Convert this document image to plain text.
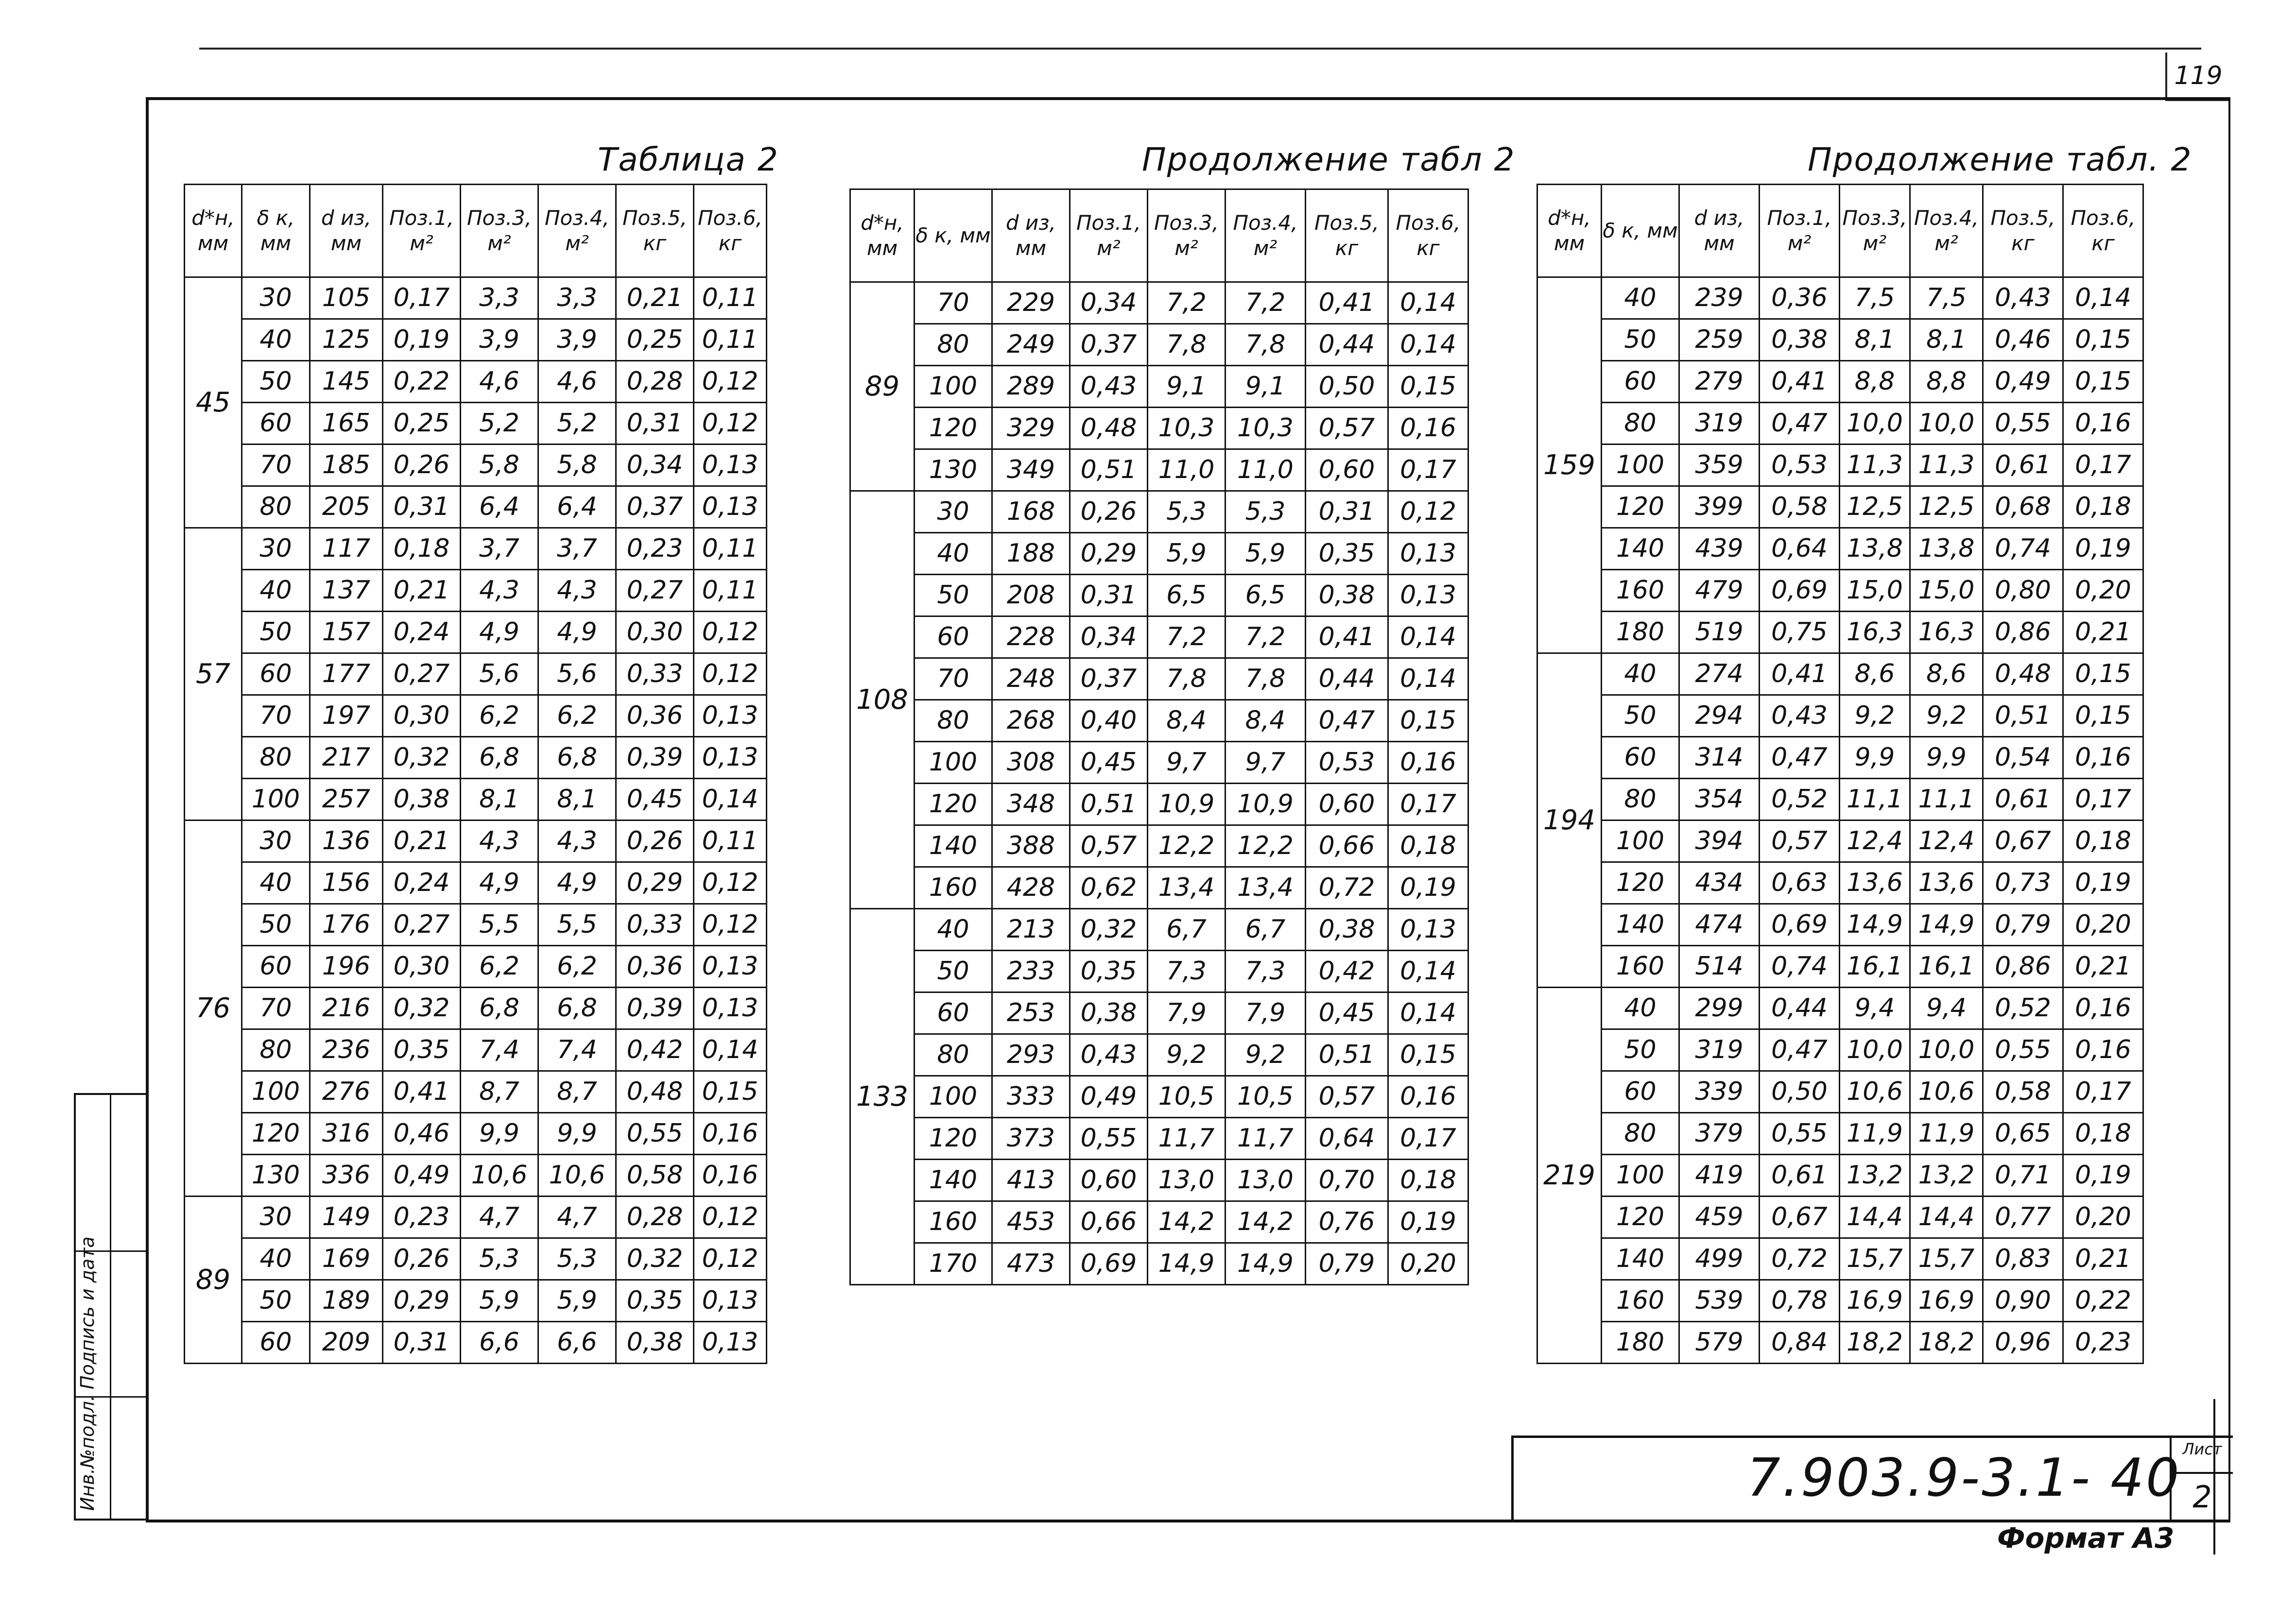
119
Инв.№подл.
Подпись и дата
Таблица 2	Продолжение табл 2	Продолжение табл. 2
d*н, мм	δ к, мм	d из, мм	Поз.1, м²	Поз.3, м²	Поз.4, м²	Поз.5, кг	Поз.6, кг
45	30	105	0,17	3,3	3,3	0,21	0,11
	40	125	0,19	3,9	3,9	0,25	0,11
	50	145	0,22	4,6	4,6	0,28	0,12
	60	165	0,25	5,2	5,2	0,31	0,12
	70	185	0,26	5,8	5,8	0,34	0,13
	80	205	0,31	6,4	6,4	0,37	0,13
57	30	117	0,18	3,7	3,7	0,23	0,11
	40	137	0,21	4,3	4,3	0,27	0,11
	50	157	0,24	4,9	4,9	0,30	0,12
	60	177	0,27	5,6	5,6	0,33	0,12
	70	197	0,30	6,2	6,2	0,36	0,13
	80	217	0,32	6,8	6,8	0,39	0,13
	100	257	0,38	8,1	8,1	0,45	0,14
76	30	136	0,21	4,3	4,3	0,26	0,11
	40	156	0,24	4,9	4,9	0,29	0,12
	50	176	0,27	5,5	5,5	0,33	0,12
	60	196	0,30	6,2	6,2	0,36	0,13
	70	216	0,32	6,8	6,8	0,39	0,13
	80	236	0,35	7,4	7,4	0,42	0,14
	100	276	0,41	8,7	8,7	0,48	0,15
	120	316	0,46	9,9	9,9	0,55	0,16
	130	336	0,49	10,6	10,6	0,58	0,16
89	30	149	0,23	4,7	4,7	0,28	0,12
	40	169	0,26	5,3	5,3	0,32	0,12
	50	189	0,29	5,9	5,9	0,35	0,13
	60	209	0,31	6,6	6,6	0,38	0,13
d*н, мм	δ к, мм	d из, мм	Поз.1, м²	Поз.3, м²	Поз.4, м²	Поз.5, кг	Поз.6, кг
89	70	229	0,34	7,2	7,2	0,41	0,14
	80	249	0,37	7,8	7,8	0,44	0,14
	100	289	0,43	9,1	9,1	0,50	0,15
	120	329	0,48	10,3	10,3	0,57	0,16
	130	349	0,51	11,0	11,0	0,60	0,17
108	30	168	0,26	5,3	5,3	0,31	0,12
	40	188	0,29	5,9	5,9	0,35	0,13
	50	208	0,31	6,5	6,5	0,38	0,13
	60	228	0,34	7,2	7,2	0,41	0,14
	70	248	0,37	7,8	7,8	0,44	0,14
	80	268	0,40	8,4	8,4	0,47	0,15
	100	308	0,45	9,7	9,7	0,53	0,16
	120	348	0,51	10,9	10,9	0,60	0,17
	140	388	0,57	12,2	12,2	0,66	0,18
	160	428	0,62	13,4	13,4	0,72	0,19
133	40	213	0,32	6,7	6,7	0,38	0,13
	50	233	0,35	7,3	7,3	0,42	0,14
	60	253	0,38	7,9	7,9	0,45	0,14
	80	293	0,43	9,2	9,2	0,51	0,15
	100	333	0,49	10,5	10,5	0,57	0,16
	120	373	0,55	11,7	11,7	0,64	0,17
	140	413	0,60	13,0	13,0	0,70	0,18
	160	453	0,66	14,2	14,2	0,76	0,19
	170	473	0,69	14,9	14,9	0,79	0,20
d*н, мм	δ к, мм	d из, мм	Поз.1, м²	Поз.3, м²	Поз.4, м²	Поз.5, кг	Поз.6, кг
159	40	239	0,36	7,5	7,5	0,43	0,14
	50	259	0,38	8,1	8,1	0,46	0,15
	60	279	0,41	8,8	8,8	0,49	0,15
	80	319	0,47	10,0	10,0	0,55	0,16
	100	359	0,53	11,3	11,3	0,61	0,17
	120	399	0,58	12,5	12,5	0,68	0,18
	140	439	0,64	13,8	13,8	0,74	0,19
	160	479	0,69	15,0	15,0	0,80	0,20
	180	519	0,75	16,3	16,3	0,86	0,21
194	40	274	0,41	8,6	8,6	0,48	0,15
	50	294	0,43	9,2	9,2	0,51	0,15
	60	314	0,47	9,9	9,9	0,54	0,16
	80	354	0,52	11,1	11,1	0,61	0,17
	100	394	0,57	12,4	12,4	0,67	0,18
	120	434	0,63	13,6	13,6	0,73	0,19
	140	474	0,69	14,9	14,9	0,79	0,20
	160	514	0,74	16,1	16,1	0,86	0,21
219	40	299	0,44	9,4	9,4	0,52	0,16
	50	319	0,47	10,0	10,0	0,55	0,16
	60	339	0,50	10,6	10,6	0,58	0,17
	80	379	0,55	11,9	11,9	0,65	0,18
	100	419	0,61	13,2	13,2	0,71	0,19
	120	459	0,67	14,4	14,4	0,77	0,20
	140	499	0,72	15,7	15,7	0,83	0,21
	160	539	0,78	16,9	16,9	0,90	0,22
	180	579	0,84	18,2	18,2	0,96	0,23
7.903.9-3.1- 40 Лист
2
Формат А3
